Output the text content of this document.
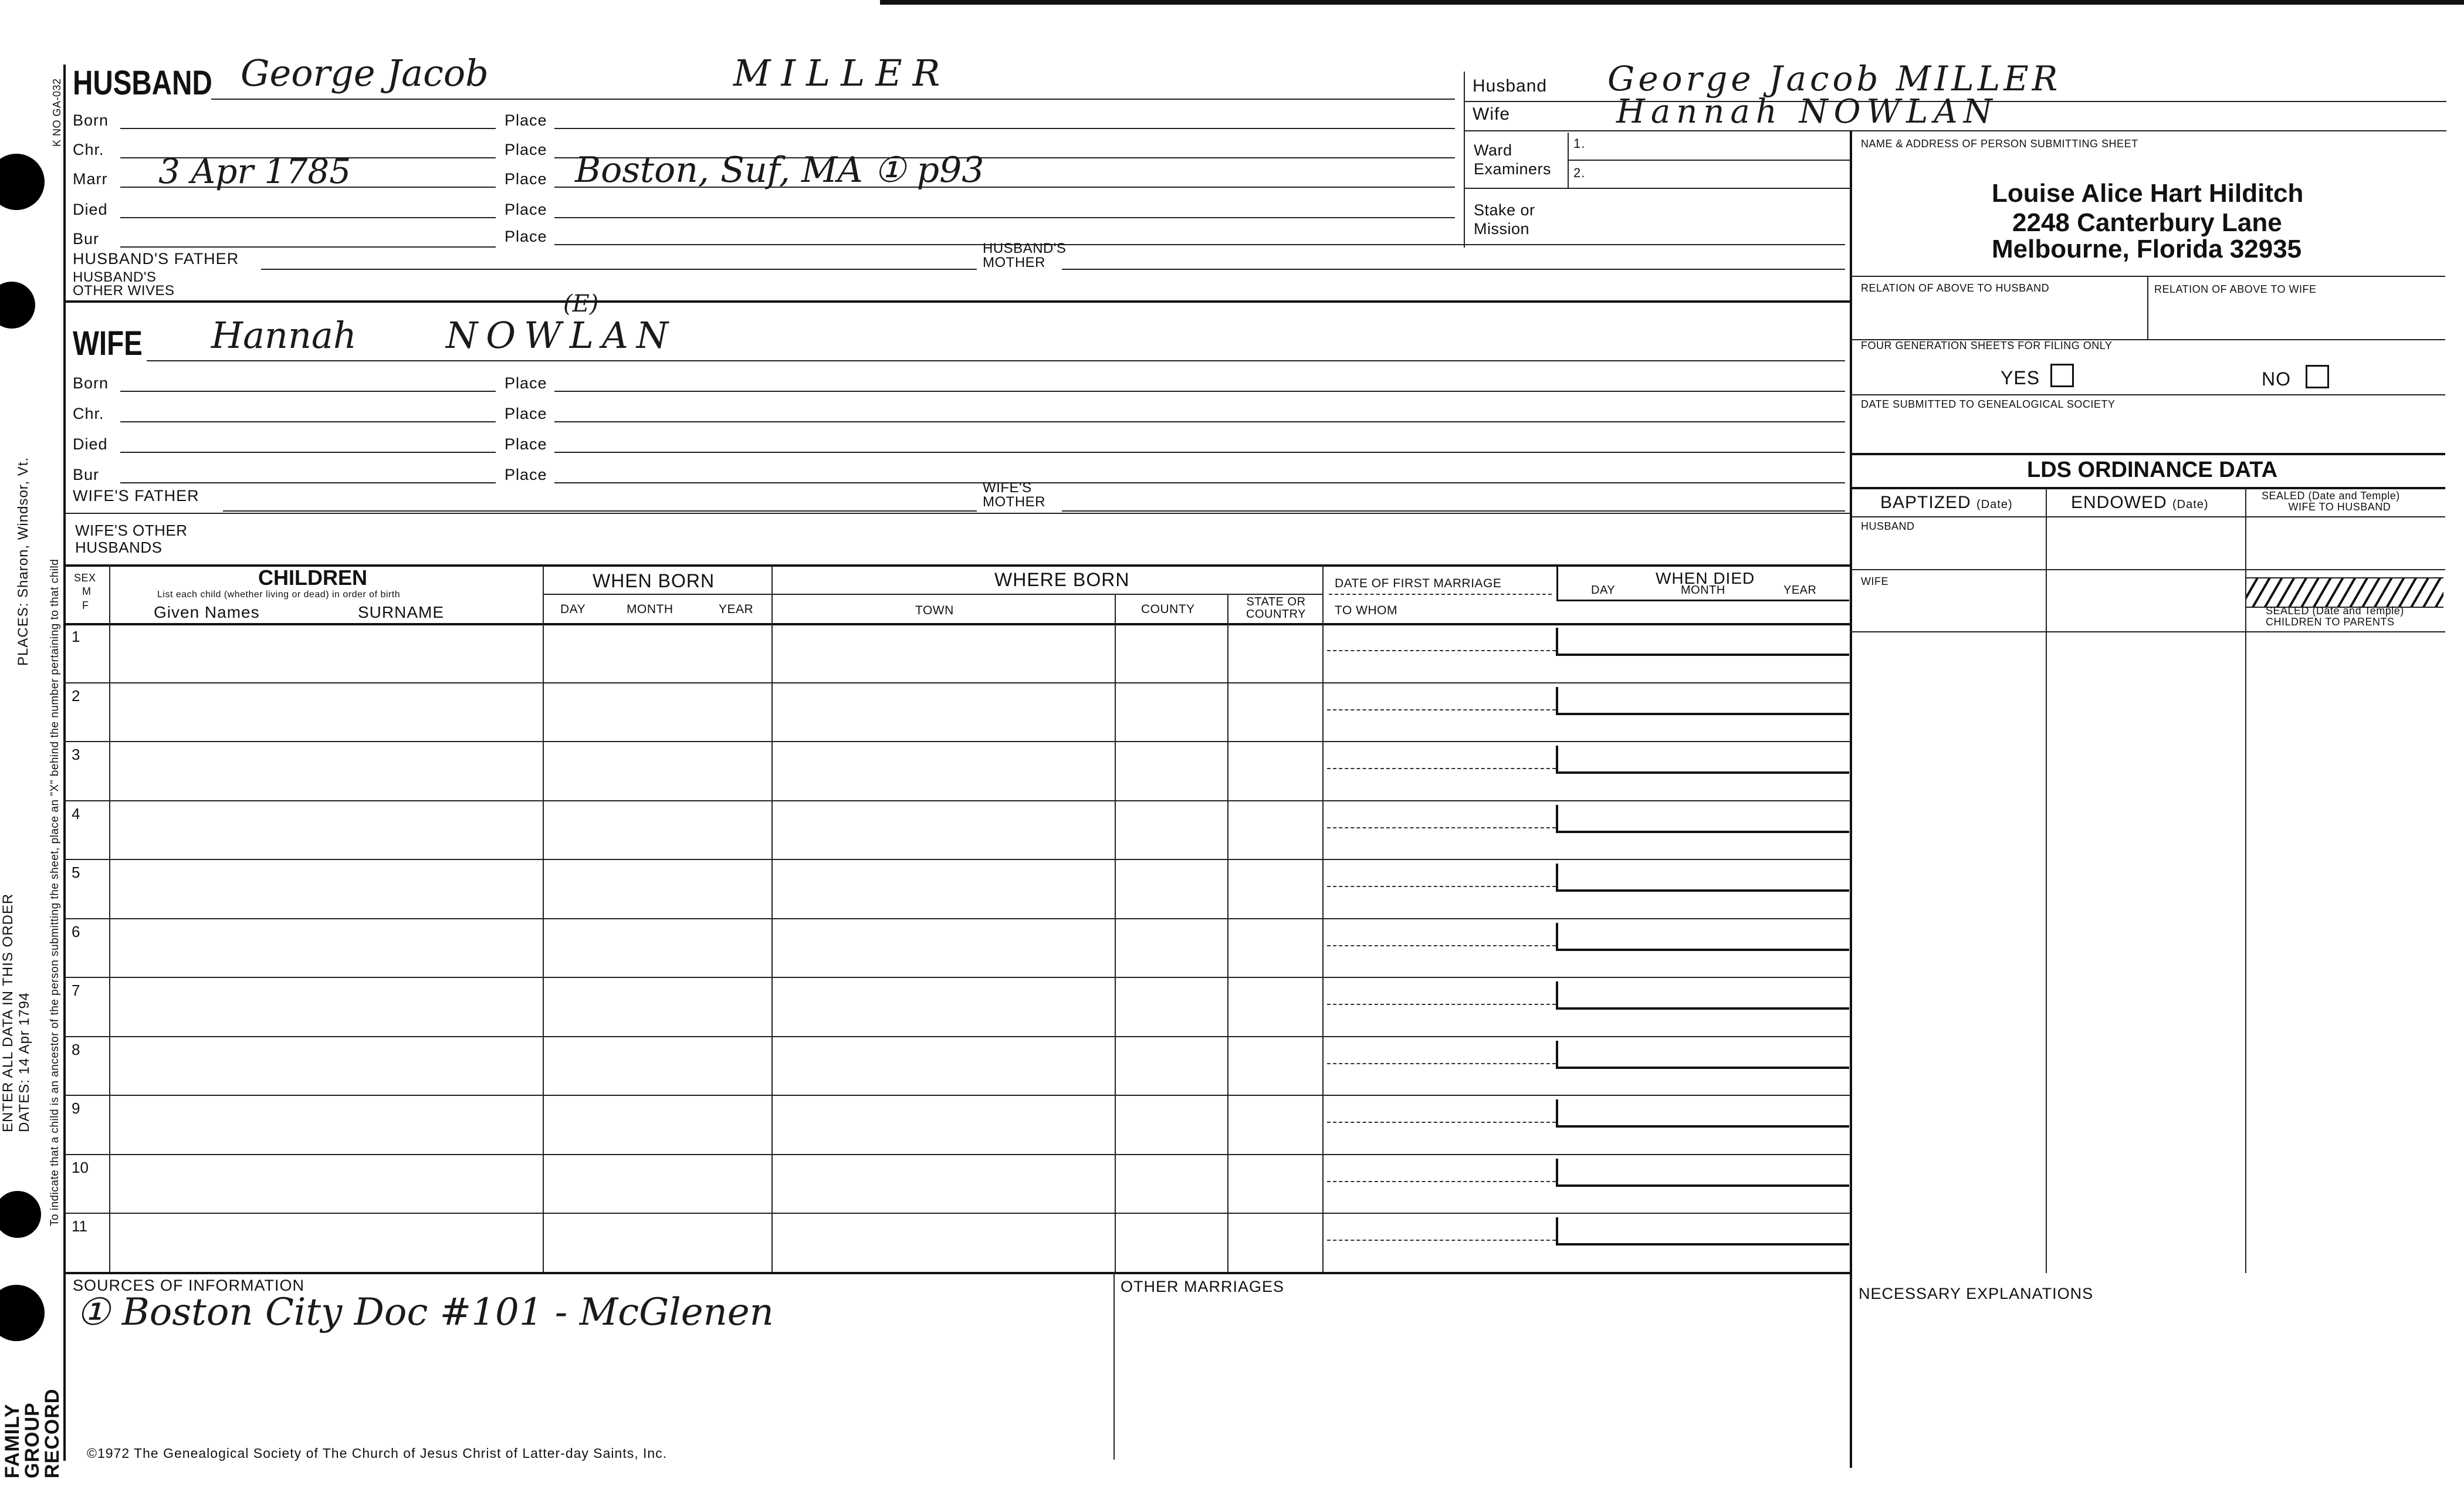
K NO GA-032
To indicate that a child is an ancestor of the person submitting the sheet, place an "X" behind the number pertaining to that child
PLACES: Sharon, Windsor, Vt.
ENTER ALL DATA IN THIS ORDER DATES: 14 Apr 1794
FAMILY
GROUP
RECORD
HUSBAND George Jacob	MILLER
Born	Place
Chr.	Place
Marr 3 Apr 1785	Place Boston, Suf, MA ① p93
Died	Place
Bur	Place
HUSBAND'S FATHER
HUSBAND'S
MOTHER
HUSBAND'S
OTHER WIVES
WIFE Hannah NOWLAN
(E)
Born	Place
Chr.	Place
Died	Place
Bur	Place
WIFE'S FATHER	WIFE'S
MOTHER
WIFE'S OTHER
HUSBANDS
Husband George Jacob MILLER
Wife	Hannah NOWLAN
Ward
Examiners
1.
2.
Stake or
Mission
NAME & ADDRESS OF PERSON SUBMITTING SHEET
Louise Alice Hart Hilditch
2248 Canterbury Lane
Melbourne, Florida 32935
RELATION OF ABOVE TO HUSBAND	RELATION OF ABOVE TO WIFE
FOUR GENERATION SHEETS FOR FILING ONLY
YES	NO
DATE SUBMITTED TO GENEALOGICAL SOCIETY
LDS ORDINANCE DATA
BAPTIZED (Date)	ENDOWED (Date)
SEALED (Date and Temple)
WIFE TO HUSBAND
HUSBAND
WIFE
SEALED (Date and Temple)
CHILDREN TO PARENTS
SEX
M
F
CHILDREN
List each child (whether living or dead) in order of birth
Given Names	SURNAME
WHEN BORN
DAY	MONTH	YEAR
WHERE BORN
TOWN	COUNTY
STATE OR
COUNTRY
DATE OF FIRST MARRIAGE
TO WHOM
WHEN DIED
DAY	MONTH	YEAR
1
2
3
4
5
6
7
8
9
10
11
SOURCES OF INFORMATION
① Boston City Doc #101 - McGlenen
OTHER MARRIAGES	NECESSARY EXPLANATIONS
©1972 The Genealogical Society of The Church of Jesus Christ of Latter-day Saints, Inc.
